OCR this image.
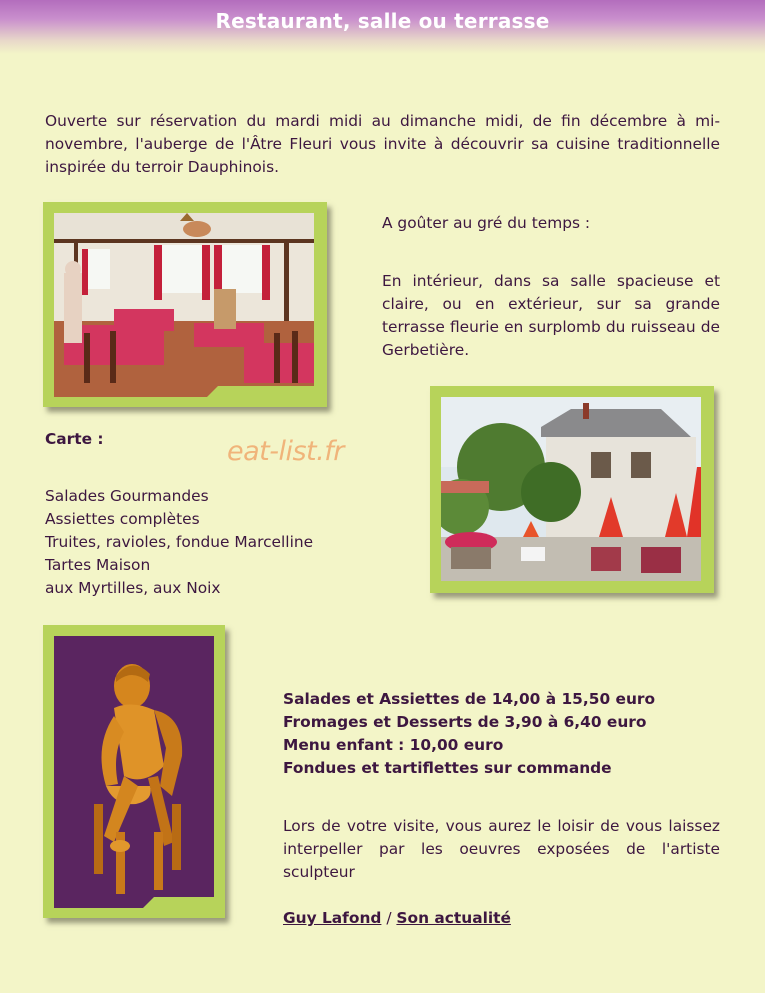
Restaurant, salle ou terrasse

Ouverte sur réservation du mardi midi au dimanche midi, de fin décembre à mi-novembre, l'auberge de l'Âtre Fleuri vous invite à découvrir sa cuisine traditionnelle inspirée du terroir Dauphinois.

A goûter au gré du temps :

En intérieur, dans sa salle spacieuse et claire, ou en extérieur, sur sa grande terrasse fleurie en surplomb du ruisseau de Gerbetière.

Carte :	eat-list.fr

Salades Gourmandes

Assiettes complètes

Truites, ravioles, fondue Marcelline

Tartes Maison

aux Myrtilles, aux Noix

Salades et Assiettes de 14,00 à 15,50 euro

Fromages et Desserts de 3,90 à 6,40 euro

Menu enfant : 10,00 euro

Fondues et tartiflettes sur commande

Lors de votre visite, vous aurez le loisir de vous laissez interpeller par les oeuvres exposées de l'artiste sculpteur

Guy Lafond / Son actualité
